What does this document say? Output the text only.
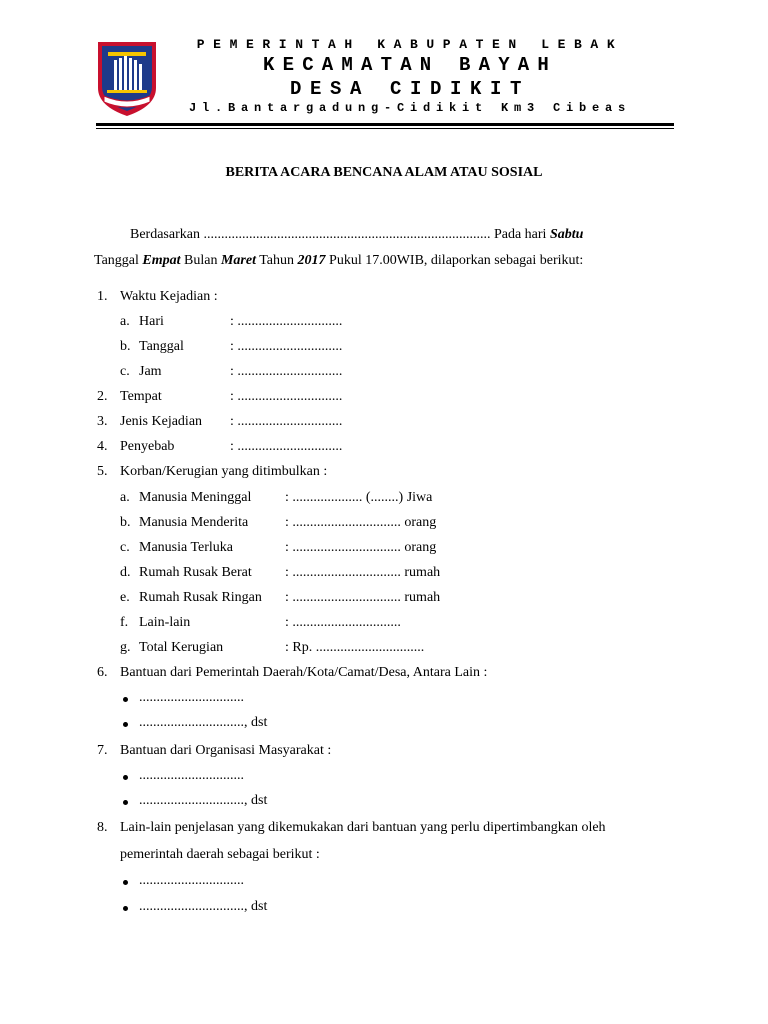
PEMERINTAH KABUPATEN LEBAK
KECAMATAN BAYAH
DESA CIDIKIT
Jl.Bantargadung-Cidikit Km3 Cibeas
BERITA ACARA BENCANA ALAM ATAU SOSIAL
Berdasarkan .................................................................................. Pada hari Sabtu
Tanggal Empat Bulan Maret Tahun 2017 Pukul 17.00WIB, dilaporkan sebagai berikut:
1. Waktu Kejadian :
a. Hari	: ..............................
b. Tanggal	: ..............................
c. Jam	: ..............................
2. Tempat	: ..............................
3. Jenis Kejadian : ..............................
4. Penyebab	: ..............................
5. Korban/Kerugian yang ditimbulkan :
a. Manusia Meninggal : .................... (........) Jiwa
b. Manusia Menderita	: ............................... orang
c. Manusia Terluka	: ............................... orang
d. Rumah Rusak Berat : ............................... rumah
e. Rumah Rusak Ringan : ............................... rumah
f. Lain-lain	: ...............................
g. Total Kerugian	: Rp. ...............................
6. Bantuan dari Pemerintah Daerah/Kota/Camat/Desa, Antara Lain :
..............................
.............................., dst
7. Bantuan dari Organisasi Masyarakat :
..............................
.............................., dst
8. Lain-lain penjelasan yang dikemukakan dari bantuan yang perlu dipertimbangkan oleh
pemerintah daerah sebagai berikut :
..............................
.............................., dst
